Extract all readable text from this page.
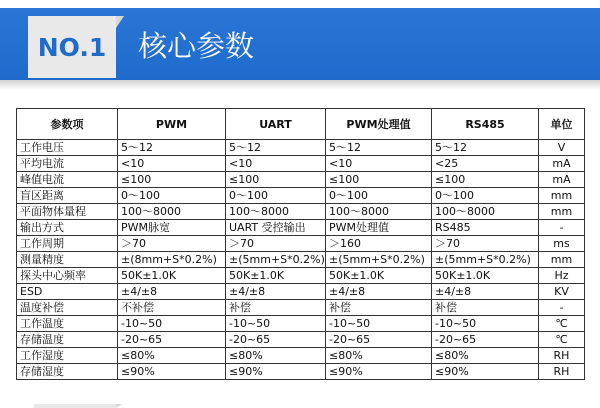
NO.1 核心参数
参数项	PWM	UART	PWM处理值	RS485	单位
工作电压	5～12	5～12	5～12	5～12	V
平均电流	<10	<10	<10	<25	mA
峰值电流	≤100	≤100	≤100	≤100	mA
盲区距离	0～100	0～100	0～100	0～100	mm
平面物体量程	100～8000	100～8000	100～8000	100～8000	mm
输出方式	PWM脉宽	UART 受控输出	PWM处理值	RS485	-
工作周期	＞70	＞70	＞160	＞70	ms
测量精度	±(8mm+S*0.2%)	±(5mm+S*0.2%)	±(5mm+S*0.2%)	±(5mm+S*0.2%)	mm
探头中心频率	50K±1.0K	50K±1.0K	50K±1.0K	50K±1.0K	Hz
ESD	±4/±8	±4/±8	±4/±8	±4/±8	KV
温度补偿	不补偿	补偿	补偿	补偿	-
工作温度	-10~50	-10~50	-10~50	-10~50	℃
存储温度	-20~65	-20~65	-20~65	-20~65	℃
工作湿度	≤80%	≤80%	≤80%	≤80%	RH
存储湿度	≤90%	≤90%	≤90%	≤90%	RH
